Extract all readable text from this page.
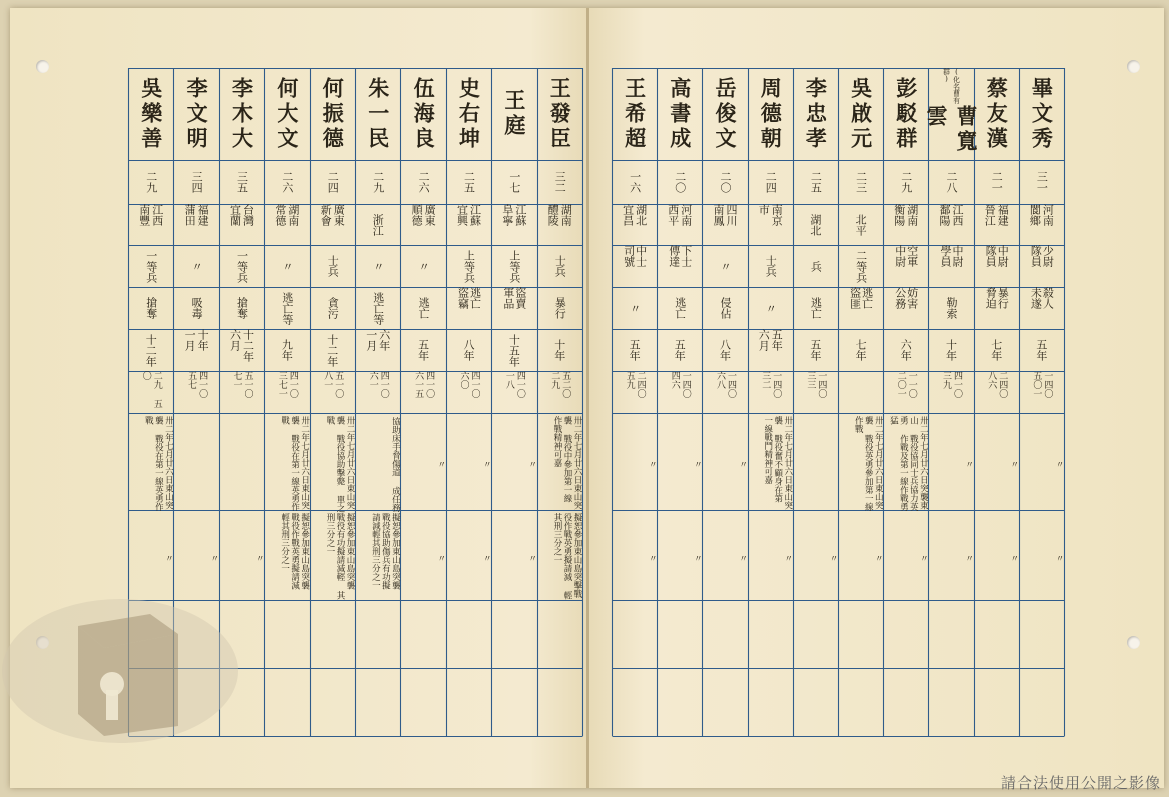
王發臣
三二
湖南 醴陵
士兵
暴行
十年
五二〇 二九
卅二年七月廿六日東山突襲 戰役中參加第一線 作戰精神可嘉
擬恕參加東山島突擊戰 役作戰英勇擬請減 輕其刑三分之一
王庭
一七
江蘇 阜寧
上等兵
盜賣 軍品
十五年
四一〇 一八
〃
〃
史右坤
二五
江蘇 宜興
上等兵
逃亡 盜竊
八年
四一〇 六〇
〃
〃
伍海良
二六
廣東 順德
〃
逃亡
五年
四一〇 六一五
〃
〃
朱一民
二九
浙江
〃
逃亡等
六年 一月
四一〇 六一
協助床手脅傷道 成任務
擬恕參加東山島突襲 戰役協助傷兵有功擬 請減輕其刑三分之一
何振德
二四
廣東 新會
士兵
貪污
十二年
五一〇 八一
卅二年七月廿六日東山突襲 戰役協助擊斃 單之戰
擬恕參加東山島突襲 戰役有功擬請減輕 其刑三分之一
何大文
二六
湖南 常德
〃
逃亡等
九年
四一〇 三七一
卅二年七月廿六日東山突襲 戰役在第一線英勇作戰
擬恕參加東山島突襲 戰役作戰英勇擬請減 輕其刑三分之一
李木大
三五
台灣 宜蘭
一等兵
搶奪
十二年 六月
五一〇 七一
〃
李文明
三四
福建 蒲田
〃
吸毒
十年 一月
四一〇 五七
〃
吳樂善
二九
江西 南豐
一等兵
搶奪
十二年
二九 五〇
卅二年七月廿六日東山突襲 戰役在第一線英勇作戰
〃
畢文秀
三一
河南 閬鄉
少尉 隊員
殺人 未遂
五年
一四〇 五〇一
〃
〃
蔡友漢
二一
福建 晉江
中尉 隊員
暴行 脅迫
七年
二四〇 八六
〃
〃
(化名曹有群)
曹寬雲
二八
江西 鄱陽
中尉 學員
勒索
十年
四一〇 三九
〃
〃
彭駁群
二九
湖南 衡陽
空軍 中尉
妨害 公務
六年
一一〇 二〇一
卅二年七月廿六日突襲東山 戰役協同士兵協力英勇 作戰及第一線作戰勇猛
〃
吳啟元
二三
北平
二等兵
逃亡 盜匪
七年
卅二年七月廿六日東山突襲 戰役英勇參加第一線 作戰
〃
李忠孝
二五
湖北
兵
逃亡
五年
一四〇 三三
〃
周德朝
二四
南京 市
士兵
〃
五年 六月
一四〇 三二
卅二年七月廿六日東山突襲 戰役奮不顧身在第 一線戰鬥精神可嘉
〃
岳俊文
二〇
四川 南鳳
〃
侵佔
八年
一四〇 六八
〃
〃
高書成
二〇
河南 西平
下士 傳達
逃亡
五年
一四〇 四六
〃
〃
王希超
一六
湖北 宜昌
中士 司號
〃
五年
二四〇 五九
〃
〃
請合法使用公開之影像
